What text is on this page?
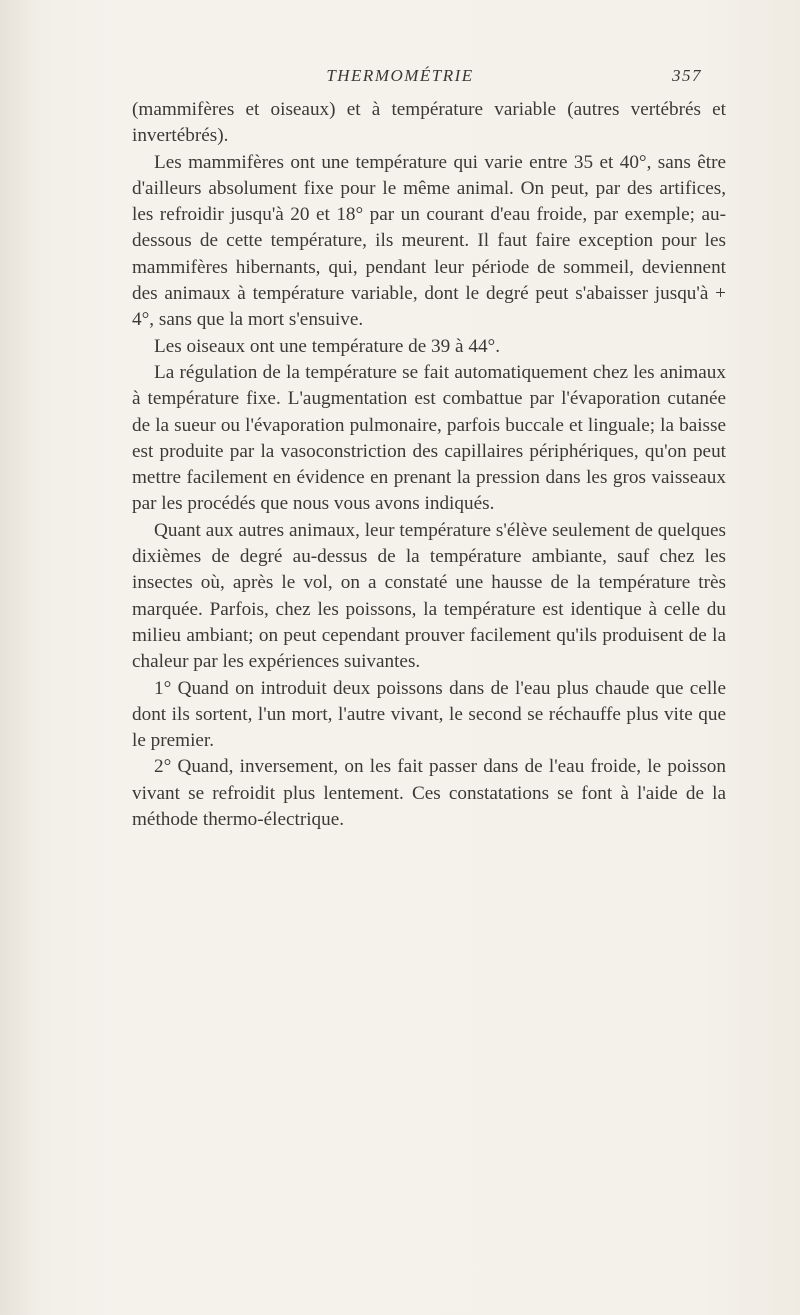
THERMOMÉTRIE	357

(mammifères et oiseaux) et à température variable (autres vertébrés et invertébrés).

Les mammifères ont une température qui varie entre 35 et 40°, sans être d'ailleurs absolument fixe pour le même animal. On peut, par des artifices, les refroidir jusqu'à 20 et 18° par un courant d'eau froide, par exemple; au-dessous de cette température, ils meurent. Il faut faire exception pour les mammifères hibernants, qui, pendant leur période de sommeil, deviennent des animaux à température variable, dont le degré peut s'abaisser jusqu'à + 4°, sans que la mort s'ensuive.

Les oiseaux ont une température de 39 à 44°.

La régulation de la température se fait automatiquement chez les animaux à température fixe. L'augmentation est combattue par l'évaporation cutanée de la sueur ou l'évaporation pulmonaire, parfois buccale et linguale; la baisse est produite par la vasoconstriction des capillaires périphériques, qu'on peut mettre facilement en évidence en prenant la pression dans les gros vaisseaux par les procédés que nous vous avons indiqués.

Quant aux autres animaux, leur température s'élève seulement de quelques dixièmes de degré au-dessus de la température ambiante, sauf chez les insectes où, après le vol, on a constaté une hausse de la température très marquée. Parfois, chez les poissons, la température est identique à celle du milieu ambiant; on peut cependant prouver facilement qu'ils produisent de la chaleur par les expériences suivantes.

1° Quand on introduit deux poissons dans de l'eau plus chaude que celle dont ils sortent, l'un mort, l'autre vivant, le second se réchauffe plus vite que le premier.

2° Quand, inversement, on les fait passer dans de l'eau froide, le poisson vivant se refroidit plus lentement. Ces constatations se font à l'aide de la méthode thermo-électrique.
